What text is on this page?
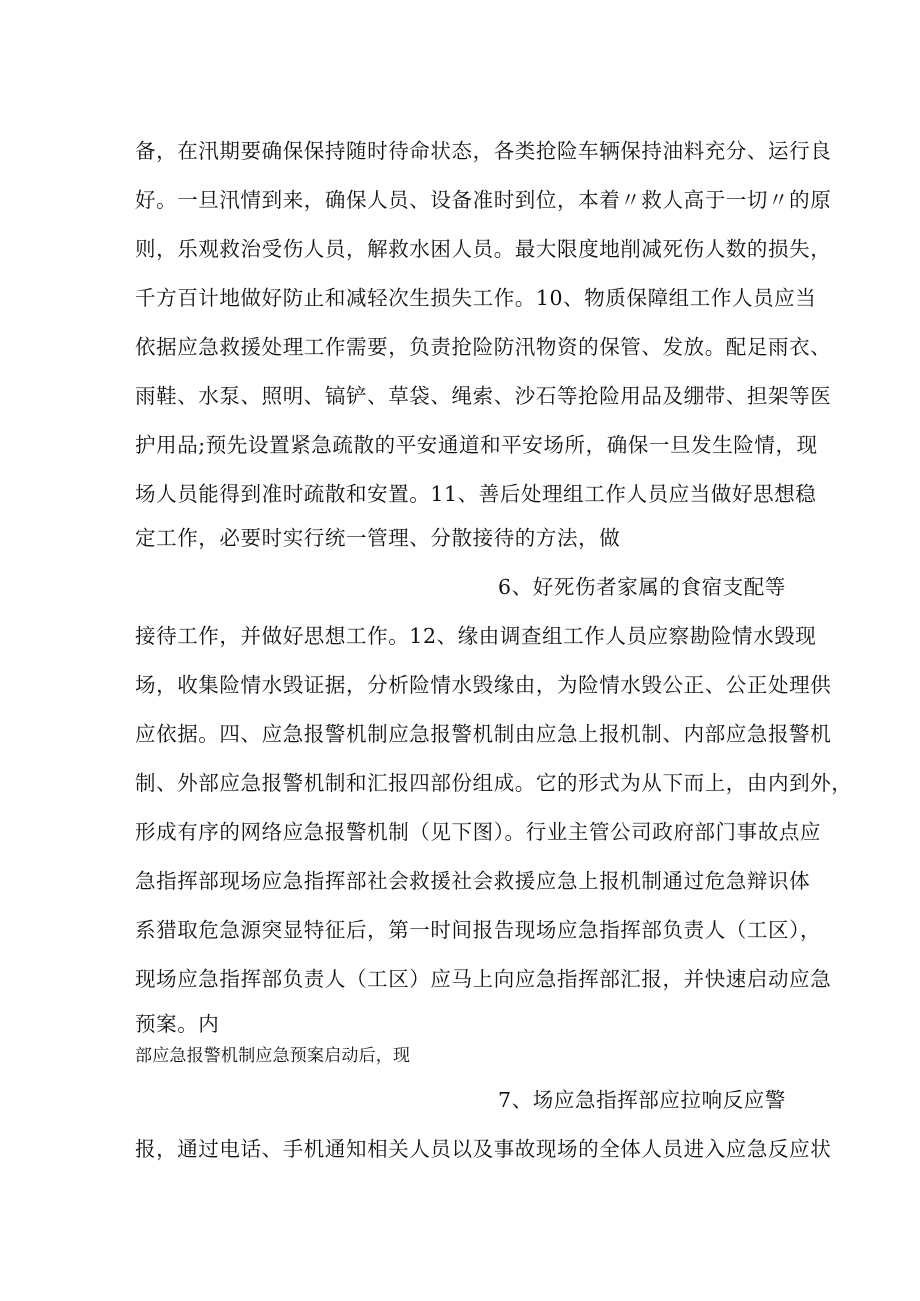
备，在汛期要确保保持随时待命状态，各类抢险车辆保持油料充分、运行良
好。一旦汛情到来，确保人员、设备准时到位，本着〃救人高于一切〃的原
则，乐观救治受伤人员，解救水困人员。最大限度地削减死伤人数的损失，
千方百计地做好防止和减轻次生损失工作。10、物质保障组工作人员应当
依据应急救援处理工作需要，负责抢险防汛物资的保管、发放。配足雨衣、
雨鞋、水泵、照明、镐铲、草袋、绳索、沙石等抢险用品及绷带、担架等医
护用品;预先设置紧急疏散的平安通道和平安场所，确保一旦发生险情，现
场人员能得到准时疏散和安置。11、善后处理组工作人员应当做好思想稳
定工作，必要时实行统一管理、分散接待的方法，做
6、好死伤者家属的食宿支配等
接待工作，并做好思想工作。12、缘由调查组工作人员应察勘险情水毁现
场，收集险情水毁证据，分析险情水毁缘由，为险情水毁公正、公正处理供
应依据。四、应急报警机制应急报警机制由应急上报机制、内部应急报警机
制、外部应急报警机制和汇报四部份组成。它的形式为从下而上，由内到外，
形成有序的网络应急报警机制（见下图）。行业主管公司政府部门事故点应
急指挥部现场应急指挥部社会救援社会救援应急上报机制通过危急辩识体
系猎取危急源突显特征后，第一时间报告现场应急指挥部负责人（工区），
现场应急指挥部负责人（工区）应马上向应急指挥部汇报，并快速启动应急
预案。内
部应急报警机制应急预案启动后，现
7、场应急指挥部应拉响反应警
报，通过电话、手机通知相关人员以及事故现场的全体人员进入应急反应状
